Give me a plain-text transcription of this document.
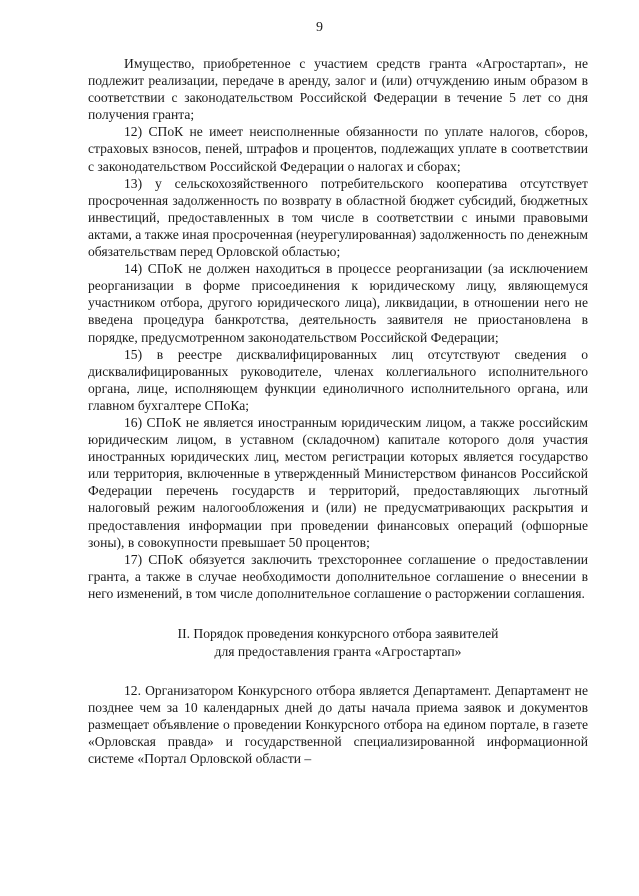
9

Имущество, приобретенное с участием средств гранта «Агростартап», не подлежит реализации, передаче в аренду, залог и (или) отчуждению иным образом в соответствии с законодательством Российской Федерации в течение 5 лет со дня получения гранта;

12) СПоК не имеет неисполненные обязанности по уплате налогов, сборов, страховых взносов, пеней, штрафов и процентов, подлежащих уплате в соответствии с законодательством Российской Федерации о налогах и сборах;

13) у сельскохозяйственного потребительского кооператива отсутствует просроченная задолженность по возврату в областной бюджет субсидий, бюджетных инвестиций, предоставленных в том числе в соответствии с иными правовыми актами, а также иная просроченная (неурегулированная) задолженность по денежным обязательствам перед Орловской областью;

14) СПоК не должен находиться в процессе реорганизации (за исключением реорганизации в форме присоединения к юридическому лицу, являющемуся участником отбора, другого юридического лица), ликвидации, в отношении него не введена процедура банкротства, деятельность заявителя не приостановлена в порядке, предусмотренном законодательством Российской Федерации;

15) в реестре дисквалифицированных лиц отсутствуют сведения о дисквалифицированных руководителе, членах коллегиального исполнительного органа, лице, исполняющем функции единоличного исполнительного органа, или главном бухгалтере СПоКа;

16) СПоК не является иностранным юридическим лицом, а также российским юридическим лицом, в уставном (складочном) капитале которого доля участия иностранных юридических лиц, местом регистрации которых является государство или территория, включенные в утвержденный Министерством финансов Российской Федерации перечень государств и территорий, предоставляющих льготный налоговый режим налогообложения и (или) не предусматривающих раскрытия и предоставления информации при проведении финансовых операций (офшорные зоны), в совокупности превышает 50 процентов;

17) СПоК обязуется заключить трехстороннее соглашение о предоставлении гранта, а также в случае необходимости дополнительное соглашение о внесении в него изменений, в том числе дополнительное соглашение о расторжении соглашения.

II. Порядок проведения конкурсного отбора заявителей
для предоставления гранта «Агростартап»

12. Организатором Конкурсного отбора является Департамент. Департамент не позднее чем за 10 календарных дней до даты начала приема заявок и документов размещает объявление о проведении Конкурсного отбора на едином портале, в газете «Орловская правда» и государственной специализированной информационной системе «Портал Орловской области –
